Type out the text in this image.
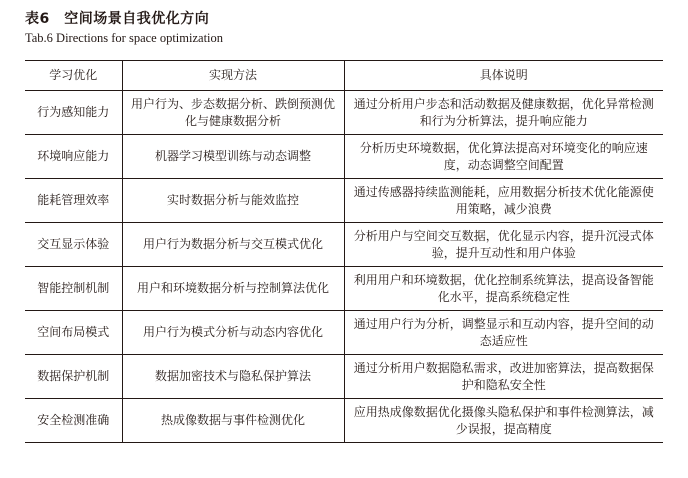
表6　空间场景自我优化方向
Tab.6 Directions for space optimization
学习优化	实现方法	具体说明
行为感知能力	用户行为、步态数据分析、跌倒预测优化与健康数据分析	通过分析用户步态和活动数据及健康数据，优化异常检测和行为分析算法，提升响应能力
环境响应能力	机器学习模型训练与动态调整	分析历史环境数据，优化算法提高对环境变化的响应速度，动态调整空间配置
能耗管理效率	实时数据分析与能效监控	通过传感器持续监测能耗，应用数据分析技术优化能源使用策略，减少浪费
交互显示体验	用户行为数据分析与交互模式优化	分析用户与空间交互数据，优化显示内容，提升沉浸式体验，提升互动性和用户体验
智能控制机制	用户和环境数据分析与控制算法优化	利用用户和环境数据，优化控制系统算法，提高设备智能化水平，提高系统稳定性
空间布局模式	用户行为模式分析与动态内容优化	通过用户行为分析，调整显示和互动内容，提升空间的动态适应性
数据保护机制	数据加密技术与隐私保护算法	通过分析用户数据隐私需求，改进加密算法，提高数据保护和隐私安全性
安全检测准确	热成像数据与事件检测优化	应用热成像数据优化摄像头隐私保护和事件检测算法，减少误报，提高精度
